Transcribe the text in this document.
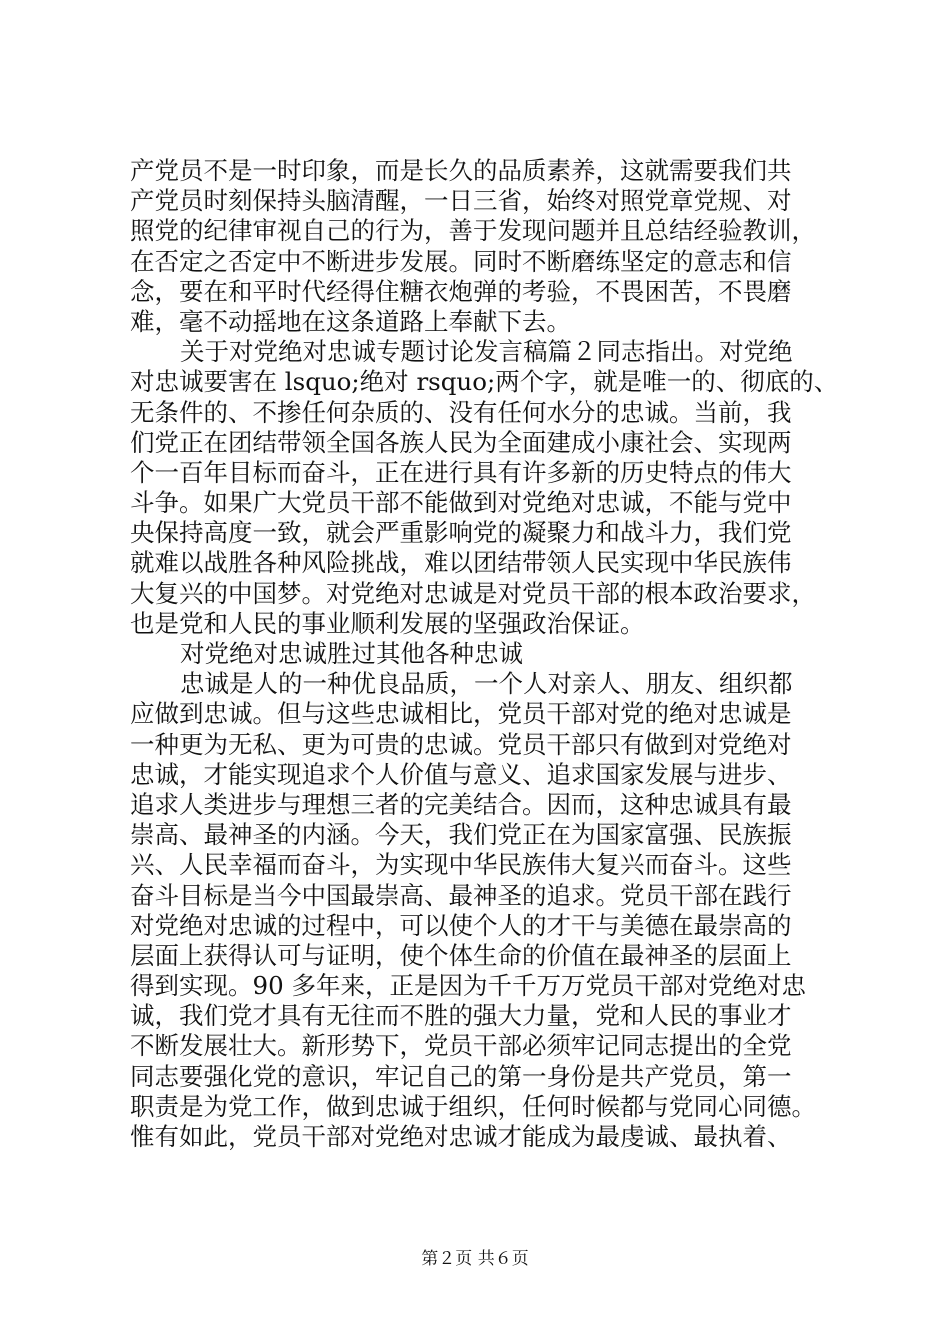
产党员不是一时印象，而是长久的品质素养，这就需要我们共
产党员时刻保持头脑清醒，一日三省，始终对照党章党规、对
照党的纪律审视自己的行为，善于发现问题并且总结经验教训，
在否定之否定中不断进步发展。同时不断磨练坚定的意志和信
念，要在和平时代经得住糖衣炮弹的考验，不畏困苦，不畏磨
难，毫不动摇地在这条道路上奉献下去。
关于对党绝对忠诚专题讨论发言稿篇２同志指出。对党绝
对忠诚要害在 lsquo;绝对 rsquo;两个字，就是唯一的、彻底的、
无条件的、不掺任何杂质的、没有任何水分的忠诚。当前，我
们党正在团结带领全国各族人民为全面建成小康社会、实现两
个一百年目标而奋斗，正在进行具有许多新的历史特点的伟大
斗争。如果广大党员干部不能做到对党绝对忠诚，不能与党中
央保持高度一致，就会严重影响党的凝聚力和战斗力，我们党
就难以战胜各种风险挑战，难以团结带领人民实现中华民族伟
大复兴的中国梦。对党绝对忠诚是对党员干部的根本政治要求，
也是党和人民的事业顺利发展的坚强政治保证。
对党绝对忠诚胜过其他各种忠诚
忠诚是人的一种优良品质，一个人对亲人、朋友、组织都
应做到忠诚。但与这些忠诚相比，党员干部对党的绝对忠诚是
一种更为无私、更为可贵的忠诚。党员干部只有做到对党绝对
忠诚，才能实现追求个人价值与意义、追求国家发展与进步、
追求人类进步与理想三者的完美结合。因而，这种忠诚具有最
崇高、最神圣的内涵。今天，我们党正在为国家富强、民族振
兴、人民幸福而奋斗，为实现中华民族伟大复兴而奋斗。这些
奋斗目标是当今中国最崇高、最神圣的追求。党员干部在践行
对党绝对忠诚的过程中，可以使个人的才干与美德在最崇高的
层面上获得认可与证明，使个体生命的价值在最神圣的层面上
得到实现。90 多年来，正是因为千千万万党员干部对党绝对忠
诚，我们党才具有无往而不胜的强大力量，党和人民的事业才
不断发展壮大。新形势下，党员干部必须牢记同志提出的全党
同志要强化党的意识，牢记自己的第一身份是共产党员，第一
职责是为党工作，做到忠诚于组织，任何时候都与党同心同德。
惟有如此，党员干部对党绝对忠诚才能成为最虔诚、最执着、
第２页 共６页
